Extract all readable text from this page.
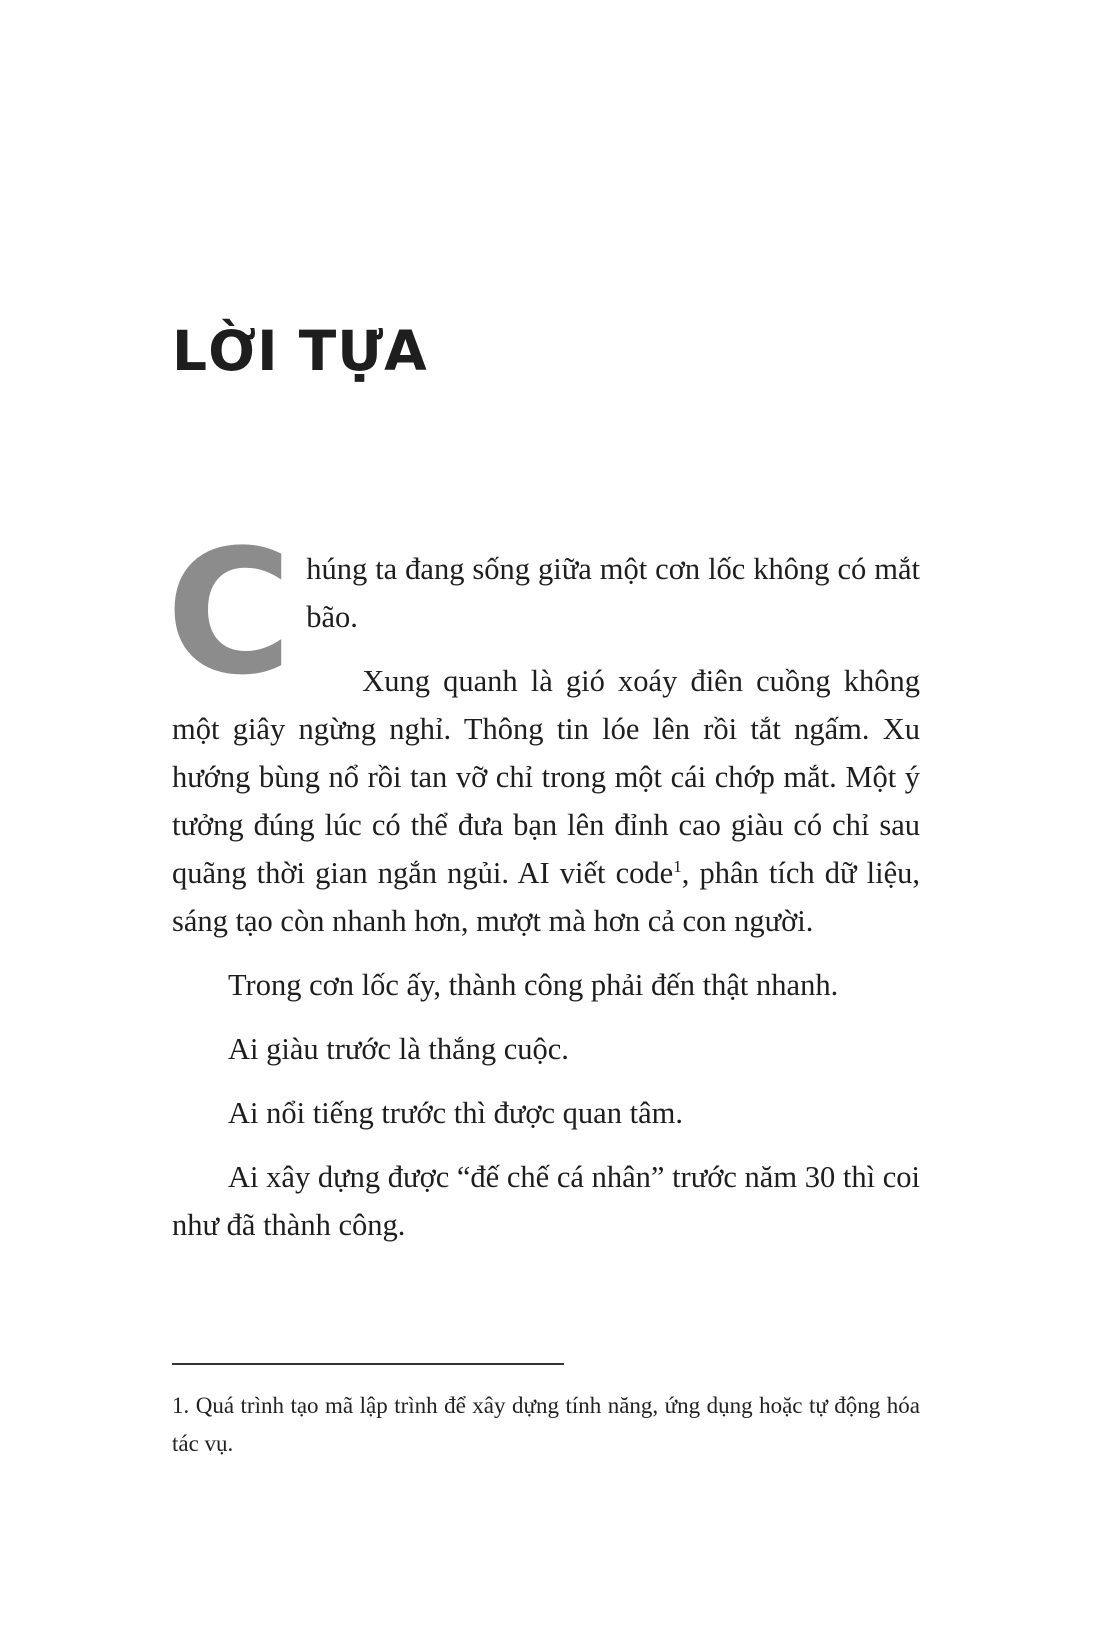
LỜI TỰA

Chúng ta đang sống giữa một cơn lốc không có mắt bão.

Xung quanh là gió xoáy điên cuồng không một giây ngừng nghỉ. Thông tin lóe lên rồi tắt ngấm. Xu hướng bùng nổ rồi tan vỡ chỉ trong một cái chớp mắt. Một ý tưởng đúng lúc có thể đưa bạn lên đỉnh cao giàu có chỉ sau quãng thời gian ngắn ngủi. AI viết code$^1$, phân tích dữ liệu, sáng tạo còn nhanh hơn, mượt mà hơn cả con người.

Trong cơn lốc ấy, thành công phải đến thật nhanh.

Ai giàu trước là thắng cuộc.

Ai nổi tiếng trước thì được quan tâm.

Ai xây dựng được “đế chế cá nhân” trước năm 30 thì coi như đã thành công.

1. Quá trình tạo mã lập trình để xây dựng tính năng, ứng dụng hoặc tự động hóa tác vụ.
